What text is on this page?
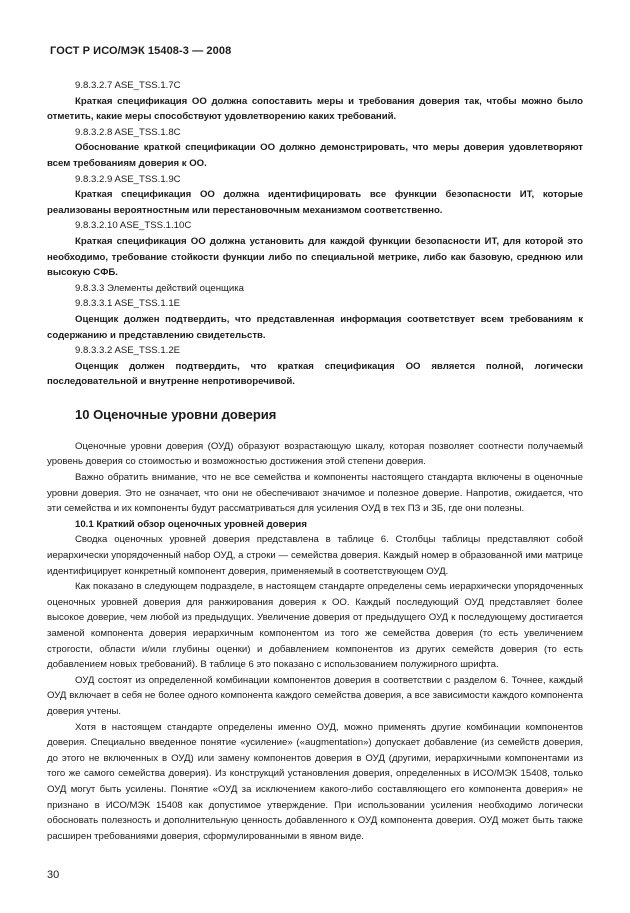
ГОСТ Р ИСО/МЭК 15408-3 — 2008

9.8.3.2.7 ASE_TSS.1.7C

Краткая спецификация ОО должна сопоставить меры и требования доверия так, чтобы можно было отметить, какие меры способствуют удовлетворению каких требований.

9.8.3.2.8 ASE_TSS.1.8C

Обоснование краткой спецификации ОО должно демонстрировать, что меры доверия удовлетворяют всем требованиям доверия к ОО.

9.8.3.2.9 ASE_TSS.1.9C

Краткая спецификация ОО должна идентифицировать все функции безопасности ИТ, которые реализованы вероятностным или перестановочным механизмом соответственно.

9.8.3.2.10 ASE_TSS.1.10C

Краткая спецификация ОО должна установить для каждой функции безопасности ИТ, для которой это необходимо, требование стойкости функции либо по специальной метрике, либо как базовую, среднюю или высокую СФБ.

9.8.3.3 Элементы действий оценщика

9.8.3.3.1 ASE_TSS.1.1E

Оценщик должен подтвердить, что представленная информация соответствует всем требованиям к содержанию и представлению свидетельств.

9.8.3.3.2 ASE_TSS.1.2E

Оценщик должен подтвердить, что краткая спецификация ОО является полной, логически последовательной и внутренне непротиворечивой.

10 Оценочные уровни доверия

Оценочные уровни доверия (ОУД) образуют возрастающую шкалу, которая позволяет соотнести получаемый уровень доверия со стоимостью и возможностью достижения этой степени доверия.

Важно обратить внимание, что не все семейства и компоненты настоящего стандарта включены в оценочные уровни доверия. Это не означает, что они не обеспечивают значимое и полезное доверие. Напротив, ожидается, что эти семейства и их компоненты будут рассматриваться для усиления ОУД в тех ПЗ и ЗБ, где они полезны.

10.1 Краткий обзор оценочных уровней доверия

Сводка оценочных уровней доверия представлена в таблице 6. Столбцы таблицы представляют собой иерархически упорядоченный набор ОУД, а строки — семейства доверия. Каждый номер в образованной ими матрице идентифицирует конкретный компонент доверия, применяемый в соответствующем ОУД.

Как показано в следующем подразделе, в настоящем стандарте определены семь иерархически упорядоченных оценочных уровней доверия для ранжирования доверия к ОО. Каждый последующий ОУД представляет более высокое доверие, чем любой из предыдущих. Увеличение доверия от предыдущего ОУД к последующему достигается заменой компонента доверия иерархичным компонентом из того же семейства доверия (то есть увеличением строгости, области и/или глубины оценки) и добавлением компонентов из других семейств доверия (то есть добавлением новых требований). В таблице 6 это показано с использованием полужирного шрифта.

ОУД состоят из определенной комбинации компонентов доверия в соответствии с разделом 6. Точнее, каждый ОУД включает в себя не более одного компонента каждого семейства доверия, а все зависимости каждого компонента доверия учтены.

Хотя в настоящем стандарте определены именно ОУД, можно применять другие комбинации компонентов доверия. Специально введенное понятие «усиление» («augmentation») допускает добавление (из семейств доверия, до этого не включенных в ОУД) или замену компонентов доверия в ОУД (другими, иерархичными компонентами из того же самого семейства доверия). Из конструкций установления доверия, определенных в ИСО/МЭК 15408, только ОУД могут быть усилены. Понятие «ОУД за исключением какого-либо составляющего его компонента доверия» не признано в ИСО/МЭК 15408 как допустимое утверждение. При использовании усиления необходимо логически обосновать полезность и дополнительную ценность добавленного к ОУД компонента доверия. ОУД может быть также расширен требованиями доверия, сформулированными в явном виде.

30
